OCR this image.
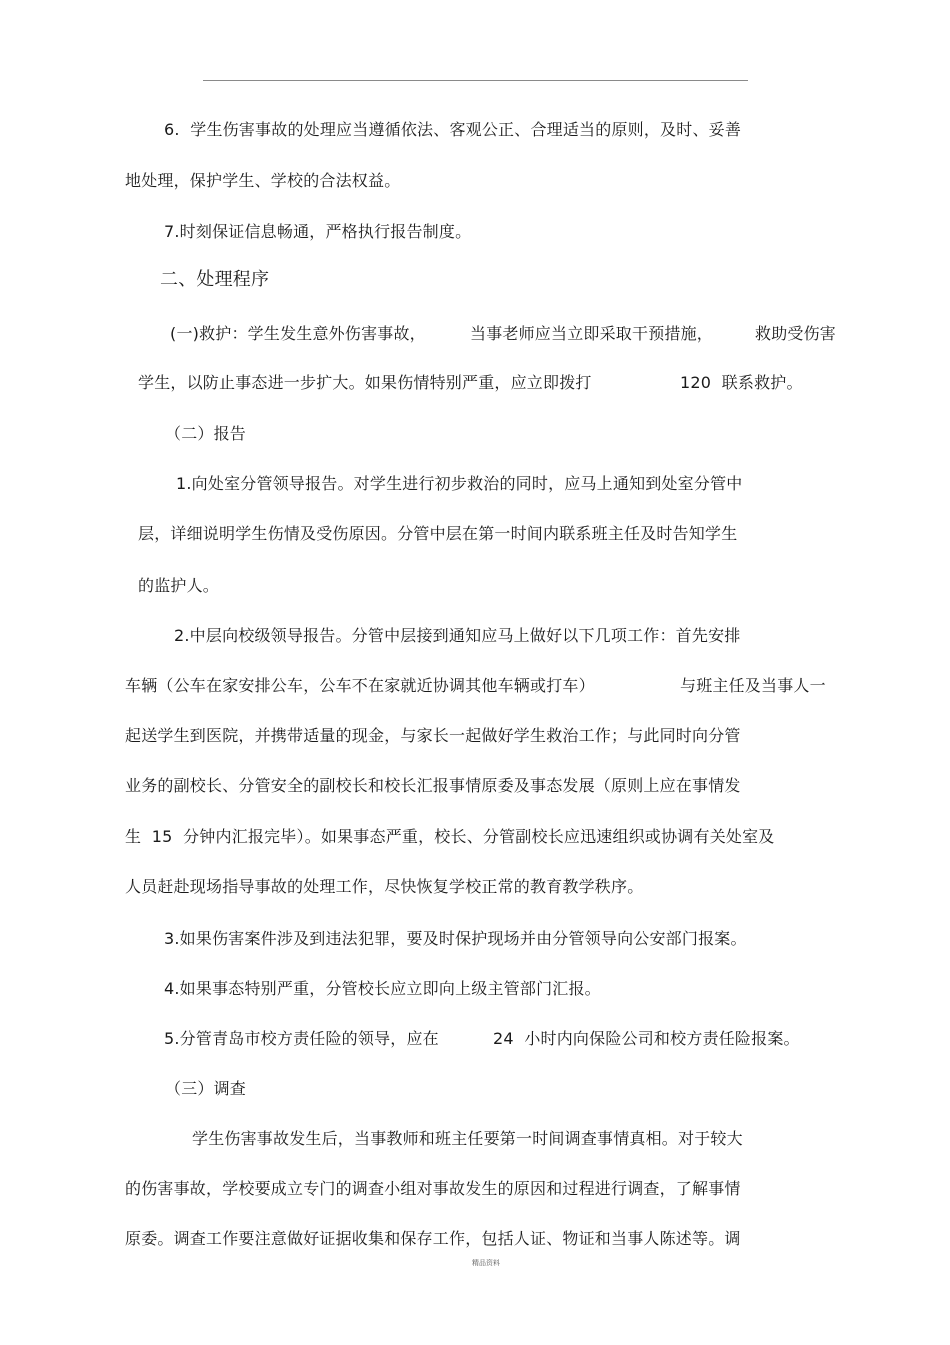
6.  学生伤害事故的处理应当遵循依法、客观公正、合理适当的原则，及时、妥善
地处理，保护学生、学校的合法权益。
7.时刻保证信息畅通，严格执行报告制度。
二、处理程序
(一)救护：学生发生意外伤害事故，	当事老师应当立即采取干预措施，	救助受伤害
学生，以防止事态进一步扩大。如果伤情特别严重，应立即拨打	120  联系救护。
（二）报告
1.向处室分管领导报告。对学生进行初步救治的同时，应马上通知到处室分管中
层，详细说明学生伤情及受伤原因。分管中层在第一时间内联系班主任及时告知学生
的监护人。
2.中层向校级领导报告。分管中层接到通知应马上做好以下几项工作：首先安排
车辆（公车在家安排公车，公车不在家就近协调其他车辆或打车）	与班主任及当事人一
起送学生到医院，并携带适量的现金，与家长一起做好学生救治工作；与此同时向分管
业务的副校长、分管安全的副校长和校长汇报事情原委及事态发展（原则上应在事情发
生  15  分钟内汇报完毕）。如果事态严重，校长、分管副校长应迅速组织或协调有关处室及
人员赶赴现场指导事故的处理工作，尽快恢复学校正常的教育教学秩序。
3.如果伤害案件涉及到违法犯罪，要及时保护现场并由分管领导向公安部门报案。
4.如果事态特别严重，分管校长应立即向上级主管部门汇报。
5.分管青岛市校方责任险的领导，应在	24  小时内向保险公司和校方责任险报案。
（三）调查
学生伤害事故发生后，当事教师和班主任要第一时间调查事情真相。对于较大
的伤害事故，学校要成立专门的调查小组对事故发生的原因和过程进行调查，了解事情
原委。调查工作要注意做好证据收集和保存工作，包括人证、物证和当事人陈述等。调
精品资料
